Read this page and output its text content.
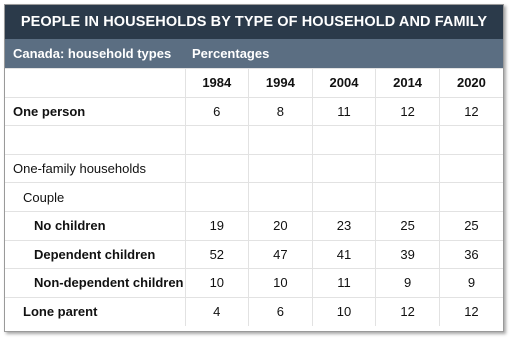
PEOPLE IN HOUSEHOLDS BY TYPE OF HOUSEHOLD AND FAMILY
Canada: household types Percentages
	1984	1994	2004	2014	2020
One person	6	8	11	12	12

One-family households					
Couple					
No children	19	20	23	25	25
Dependent children	52	47	41	39	36
Non-dependent children	10	10	11	9	9
Lone parent	4	6	10	12	12
